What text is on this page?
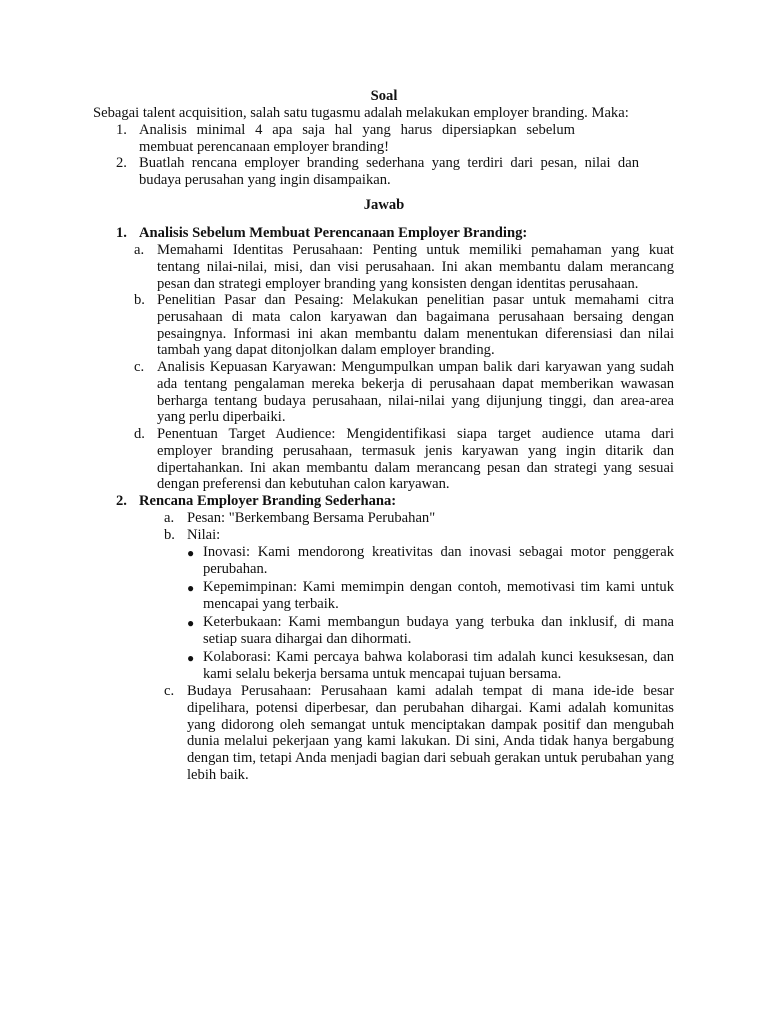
Soal
Sebagai talent acquisition, salah satu tugasmu adalah melakukan employer branding. Maka:
1. Analisis minimal 4 apa saja hal yang harus dipersiapkan sebelum membuat perencanaan employer branding!
2. Buatlah rencana employer branding sederhana yang terdiri dari pesan, nilai dan budaya perusahan yang ingin disampaikan.
Jawab
1. Analisis Sebelum Membuat Perencanaan Employer Branding:
a. Memahami Identitas Perusahaan: Penting untuk memiliki pemahaman yang kuat tentang nilai-nilai, misi, dan visi perusahaan. Ini akan membantu dalam merancang pesan dan strategi employer branding yang konsisten dengan identitas perusahaan.
b. Penelitian Pasar dan Pesaing: Melakukan penelitian pasar untuk memahami citra perusahaan di mata calon karyawan dan bagaimana perusahaan bersaing dengan pesaingnya. Informasi ini akan membantu dalam menentukan diferensiasi dan nilai tambah yang dapat ditonjolkan dalam employer branding.
c. Analisis Kepuasan Karyawan: Mengumpulkan umpan balik dari karyawan yang sudah ada tentang pengalaman mereka bekerja di perusahaan dapat memberikan wawasan berharga tentang budaya perusahaan, nilai-nilai yang dijunjung tinggi, dan area-area yang perlu diperbaiki.
d. Penentuan Target Audience: Mengidentifikasi siapa target audience utama dari employer branding perusahaan, termasuk jenis karyawan yang ingin ditarik dan dipertahankan. Ini akan membantu dalam merancang pesan dan strategi yang sesuai dengan preferensi dan kebutuhan calon karyawan.
2. Rencana Employer Branding Sederhana:
a. Pesan: "Berkembang Bersama Perubahan"
b. Nilai:
● Inovasi: Kami mendorong kreativitas dan inovasi sebagai motor penggerak perubahan.
● Kepemimpinan: Kami memimpin dengan contoh, memotivasi tim kami untuk mencapai yang terbaik.
● Keterbukaan: Kami membangun budaya yang terbuka dan inklusif, di mana setiap suara dihargai dan dihormati.
● Kolaborasi: Kami percaya bahwa kolaborasi tim adalah kunci kesuksesan, dan kami selalu bekerja bersama untuk mencapai tujuan bersama.
c. Budaya Perusahaan: Perusahaan kami adalah tempat di mana ide-ide besar dipelihara, potensi diperbesar, dan perubahan dihargai. Kami adalah komunitas yang didorong oleh semangat untuk menciptakan dampak positif dan mengubah dunia melalui pekerjaan yang kami lakukan. Di sini, Anda tidak hanya bergabung dengan tim, tetapi Anda menjadi bagian dari sebuah gerakan untuk perubahan yang lebih baik.
